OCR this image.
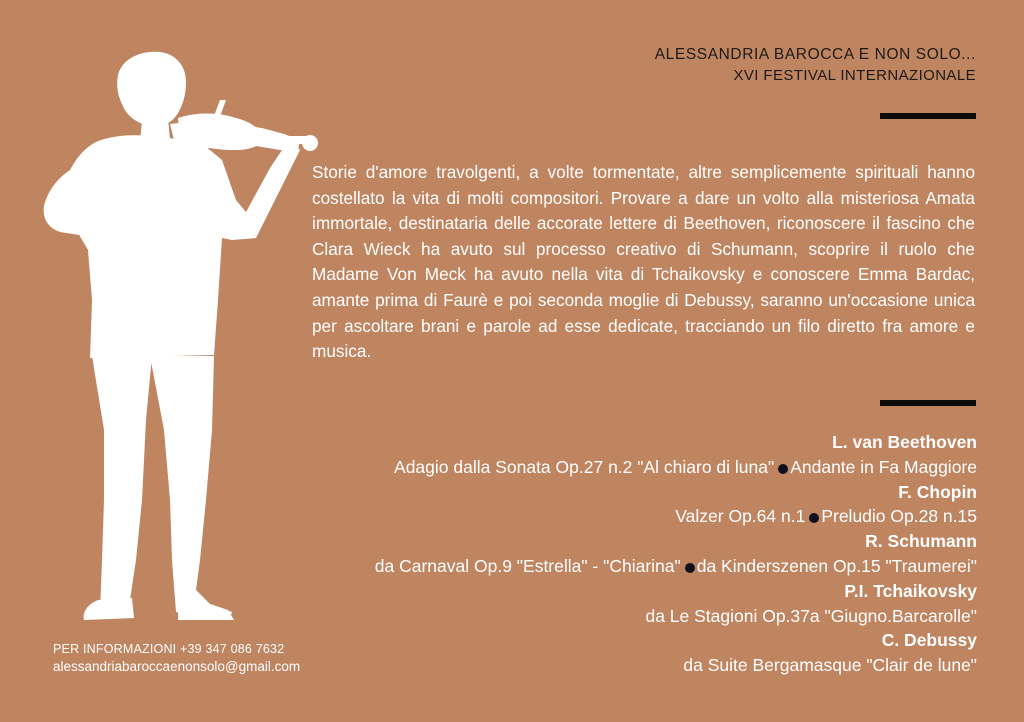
ALESSANDRIA BAROCCA E NON SOLO...
XVI FESTIVAL INTERNAZIONALE

Storie d'amore travolgenti, a volte tormentate, altre semplicemente spirituali hanno costellato la vita di molti compositori. Provare a dare un volto alla misteriosa Amata immortale, destinataria delle accorate lettere di Beethoven, riconoscere il fascino che Clara Wieck ha avuto sul processo creativo di Schumann, scoprire il ruolo che Madame Von Meck ha avuto nella vita di Tchaikovsky e conoscere Emma Bardac, amante prima di Faurè e poi seconda moglie di Debussy, saranno un'occasione unica per ascoltare brani e parole ad esse dedicate, tracciando un filo diretto fra amore e musica.

L. van Beethoven
Adagio dalla Sonata Op.27 n.2 "Al chiaro di luna" Andante in Fa Maggiore
F. Chopin
Valzer Op.64 n.1 Preludio Op.28 n.15
R. Schumann
da Carnaval Op.9 "Estrella" - "Chiarina" da Kinderszenen Op.15 "Traumerei"
P.I. Tchaikovsky
da Le Stagioni Op.37a "Giugno.Barcarolle"
C. Debussy
da Suite Bergamasque "Clair de lune"
PER INFORMAZIONI +39 347 086 7632
alessandriabaroccaenonsolo@gmail.com
